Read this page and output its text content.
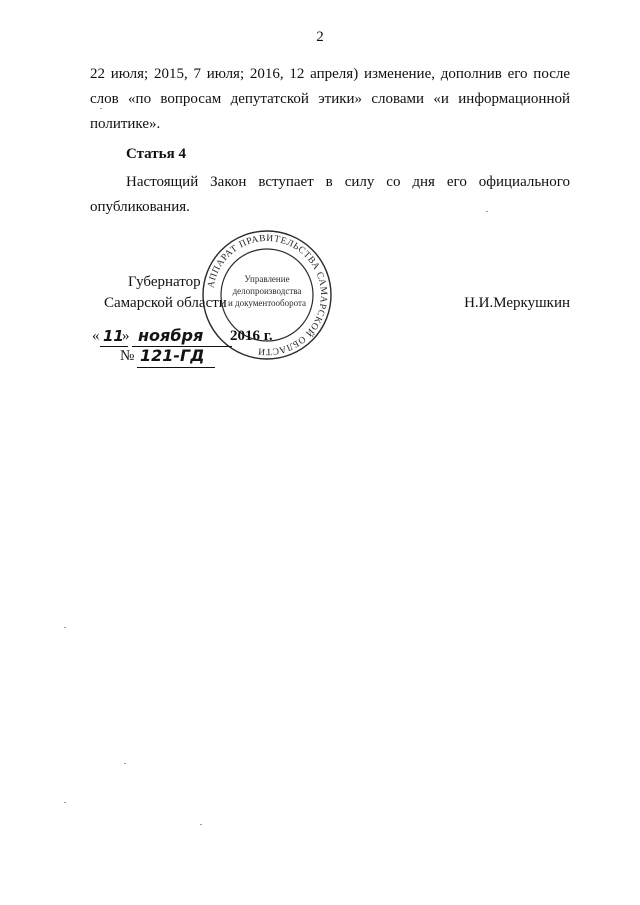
2
22 июля; 2015, 7 июля; 2016, 12 апреля) изменение, дополнив его после
слов «по вопросам депутатской этики» словами «и информационной
политике».
Статья 4
Настоящий Закон вступает в силу со дня его официального
опубликования.
АППАРАТ ПРАВИТЕЛЬСТВА САМАРСКОЙ ОБЛАСТИ
Управление
делопроизводства
и документооборота
Губернатор
Самарской области	Н.И.Меркушкин
« 11
» ноября 2016 г.
№ 121-ГД
